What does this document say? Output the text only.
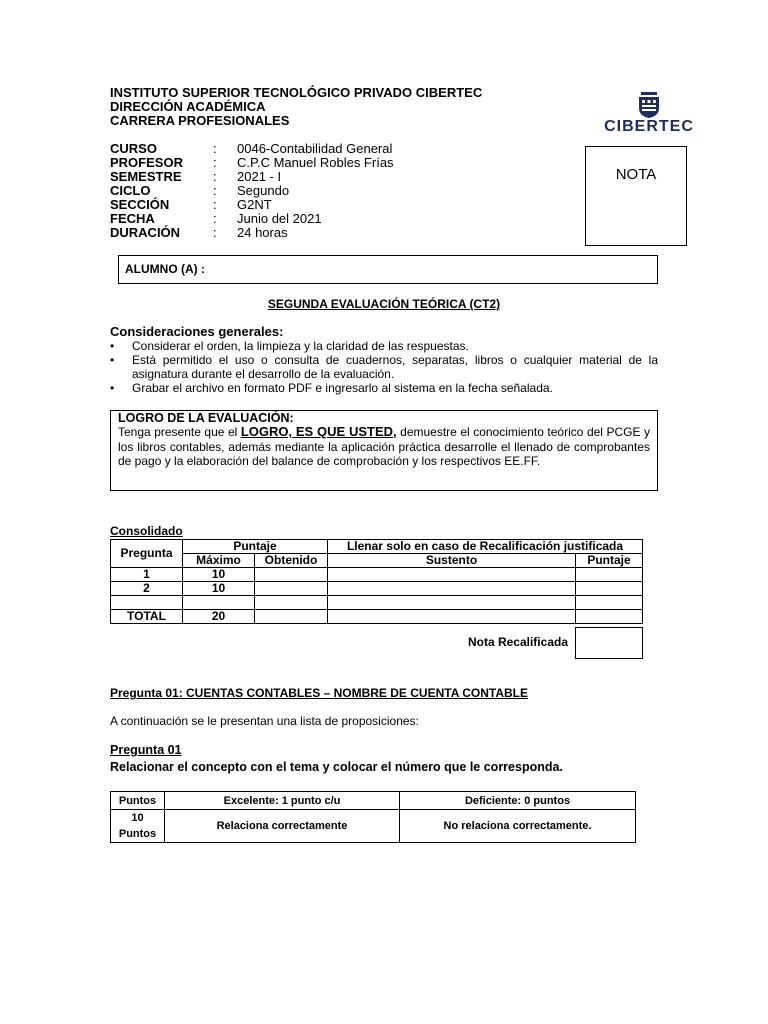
INSTITUTO SUPERIOR TECNOLÓGICO PRIVADO CIBERTEC
DIRECCIÓN ACADÉMICA
CARRERA PROFESIONALES	CIBERTEC
CURSO	:	0046-Contabilidad General
PROFESOR	:	C.P.C Manuel Robles Frías
SEMESTRE	:	2021 - I
CICLO	:	Segundo
SECCIÓN	:	G2NT
FECHA	:	Junio del 2021
DURACIÓN	:	24 horas
NOTA
ALUMNO (A) :
SEGUNDA EVALUACIÓN TEÓRICA (CT2)
Consideraciones generales:
• Considerar el orden, la limpieza y la claridad de las respuestas.
• Está permitido el uso o consulta de cuadernos, separatas, libros o cualquier material de la asignatura durante el desarrollo de la evaluación.
• Grabar el archivo en formato PDF e ingresarlo al sistema en la fecha señalada.
LOGRO DE LA EVALUACIÓN:

Tenga presente que el LOGRO, ES QUE USTED, demuestre el conocimiento teórico del PCGE y los libros contables, además mediante la aplicación práctica desarrolle el llenado de comprobantes de pago y la elaboración del balance de comprobación y los respectivos EE.FF.

Consolidado
Pregunta	Puntaje		Llenar solo en caso de Recalificación justificada	
	Máximo	Obtenido	Sustento	Puntaje
1	10			
2	10			

TOTAL	20			
Nota Recalificada
Pregunta 01: CUENTAS CONTABLES – NOMBRE DE CUENTA CONTABLE
A continuación se le presentan una lista de proposiciones:
Pregunta 01
Relacionar el concepto con el tema y colocar el número que le corresponda.
Puntos	Excelente: 1 punto c/u	Deficiente: 0 puntos

10
Puntos	Relaciona correctamente	No relaciona correctamente.
